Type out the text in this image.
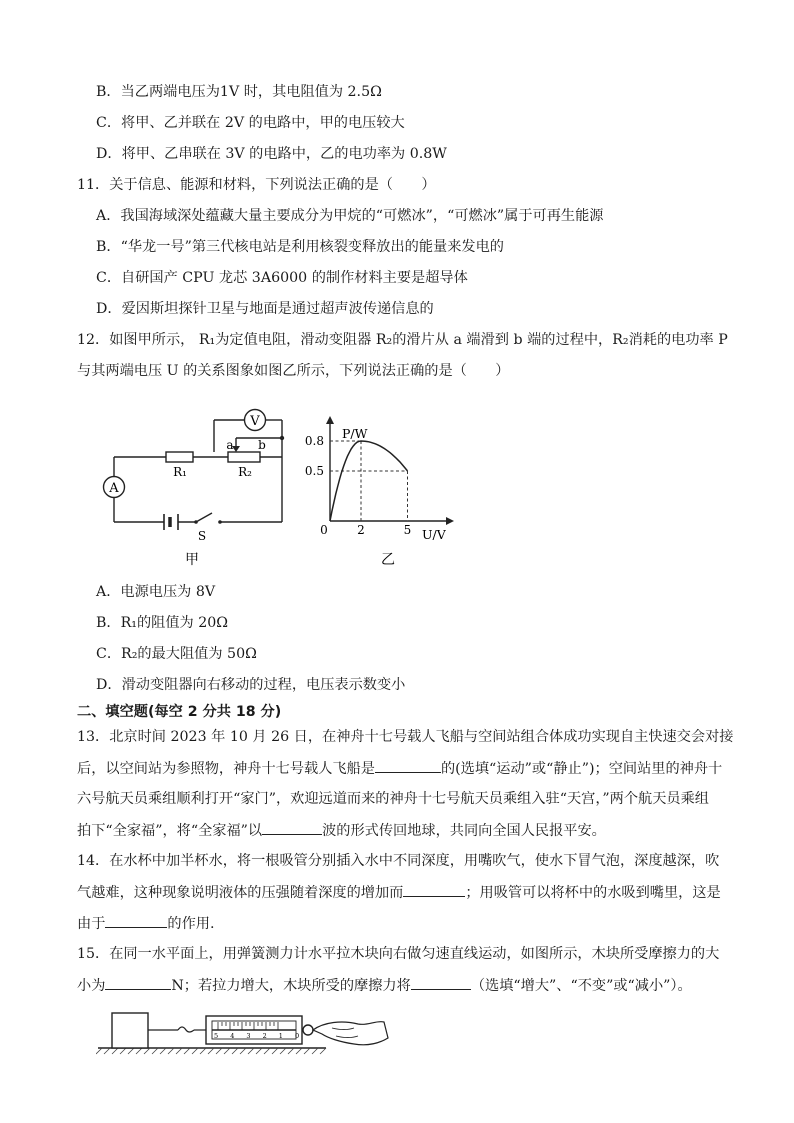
B．当乙两端电压为1V 时，其电阻值为 2.5Ω
C．将甲、乙并联在 2V 的电路中，甲的电压较大
D．将甲、乙串联在 3V 的电路中，乙的电功率为 0.8W
11．关于信息、能源和材料，下列说法正确的是（　　）
A．我国海域深处蕴藏大量主要成分为甲烷的“可燃冰”，“可燃冰”属于可再生能源
B．“华龙一号”第三代核电站是利用核裂变释放出的能量来发电的
C．自研国产 CPU 龙芯 3A6000 的制作材料主要是超导体
D．爱因斯坦探针卫星与地面是通过超声波传递信息的
12．如图甲所示， R₁为定值电阻，滑动变阻器 R₂的滑片从 a 端滑到 b 端的过程中，R₂消耗的电功率 P
与其两端电压 U 的关系图象如图乙所示，下列说法正确的是（　　）
V
A
R₁	R₂
a b
S
甲
P/W
U/V
0
0.8
0.5
2	5
乙
A．电源电压为 8V
B．R₁的阻值为 20Ω
C．R₂的最大阻值为 50Ω
D．滑动变阻器向右移动的过程，电压表示数变小
二、填空题(每空 2 分共 18 分)
13．北京时间 2023 年 10 月 26 日，在神舟十七号载人飞船与空间站组合体成功实现自主快速交会对接
后，以空间站为参照物，神舟十七号载人飞船是	的(选填“运动”或“静止”)；空间站里的神舟十
六号航天员乘组顺利打开“家门”，欢迎远道而来的神舟十七号航天员乘组入驻“天宫，”两个航天员乘组
拍下“全家福”，将“全家福”以	波的形式传回地球，共同向全国人民报平安。
14．在水杯中加半杯水，将一根吸管分别插入水中不同深度，用嘴吹气，使水下冒气泡，深度越深，吹
气越难，这种现象说明液体的压强随着深度的增加而	；用吸管可以将杯中的水吸到嘴里，这是
由于	的作用.
15．在同一水平面上，用弹簧测力计水平拉木块向右做匀速直线运动，如图所示，木块所受摩擦力的大
小为	N；若拉力增大，木块所受的摩擦力将	（选填“增大”、“不变”或“减小”）。
5 4 3 2 1 0
